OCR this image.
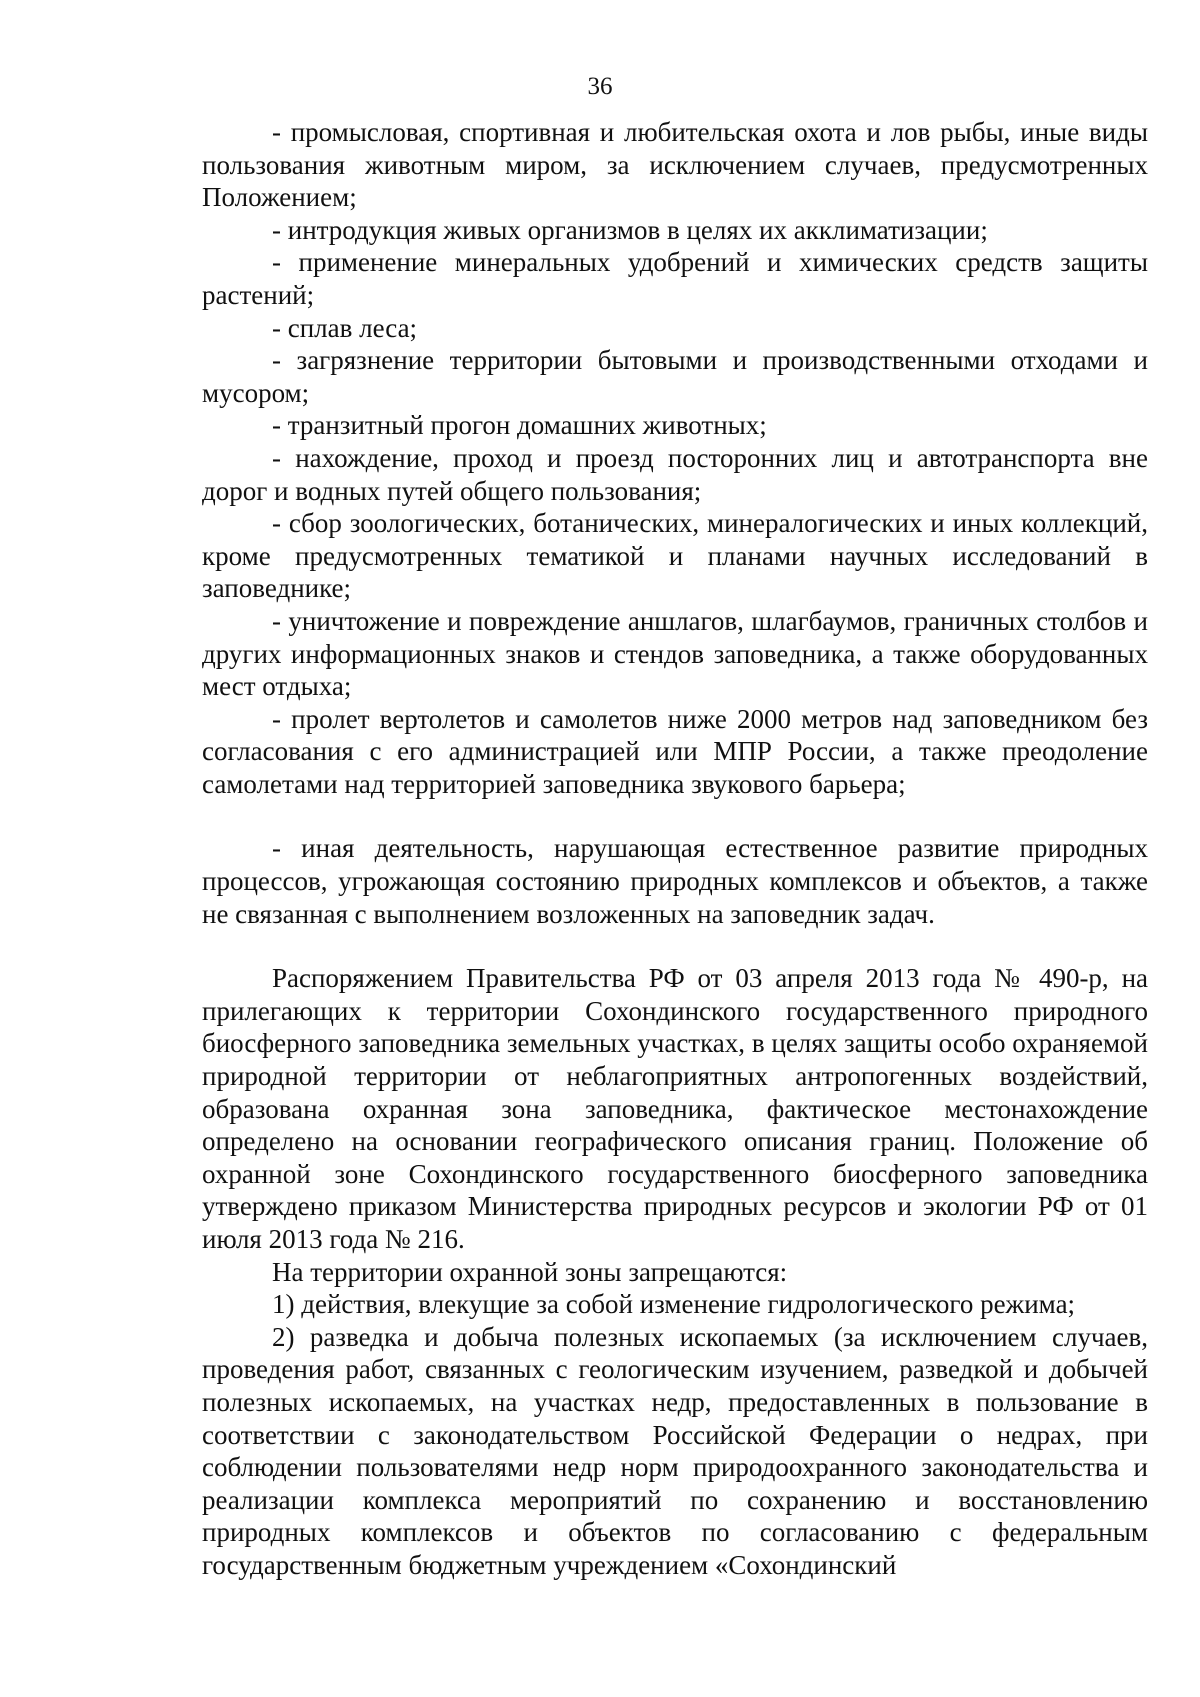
36

- промысловая, спортивная и любительская охота и лов рыбы, иные виды пользования животным миром, за исключением случаев, предусмотренных Положением;

- интродукция живых организмов в целях их акклиматизации;

- применение минеральных удобрений и химических средств защиты растений;

- сплав леса;

- загрязнение территории бытовыми и производственными отходами и мусором;

- транзитный прогон домашних животных;

- нахождение, проход и проезд посторонних лиц и автотранспорта вне дорог и водных путей общего пользования;

- сбор зоологических, ботанических, минералогических и иных коллекций, кроме предусмотренных тематикой и планами научных исследований в заповеднике;

- уничтожение и повреждение аншлагов, шлагбаумов, граничных столбов и других информационных знаков и стендов заповедника, а также оборудованных мест отдыха;

- пролет вертолетов и самолетов ниже 2000 метров над заповедником без согласования с его администрацией или МПР России, а также преодоление самолетами над территорией заповедника звукового барьера;

- иная деятельность, нарушающая естественное развитие природных процессов, угрожающая состоянию природных комплексов и объектов, а также не связанная с выполнением возложенных на заповедник задач.

Распоряжением Правительства РФ от 03 апреля 2013 года № 490-р, на прилегающих к территории Сохондинского государственного природного биосферного заповедника земельных участках, в целях защиты особо охраняемой природной территории от неблагоприятных антропогенных воздействий, образована охранная зона заповедника, фактическое местонахождение определено на основании географического описания границ. Положение об охранной зоне Сохондинского государственного биосферного заповедника утверждено приказом Министерства природных ресурсов и экологии РФ от 01 июля 2013 года № 216.

На территории охранной зоны запрещаются:

1) действия, влекущие за собой изменение гидрологического режима;

2) разведка и добыча полезных ископаемых (за исключением случаев, проведения работ, связанных с геологическим изучением, разведкой и добычей полезных ископаемых, на участках недр, предоставленных в пользование в соответствии с законодательством Российской Федерации о недрах, при соблюдении пользователями недр норм природоохранного законодательства и реализации комплекса мероприятий по сохранению и восстановлению природных комплексов и объектов по согласованию с федеральным государственным бюджетным учреждением «Сохондинский
